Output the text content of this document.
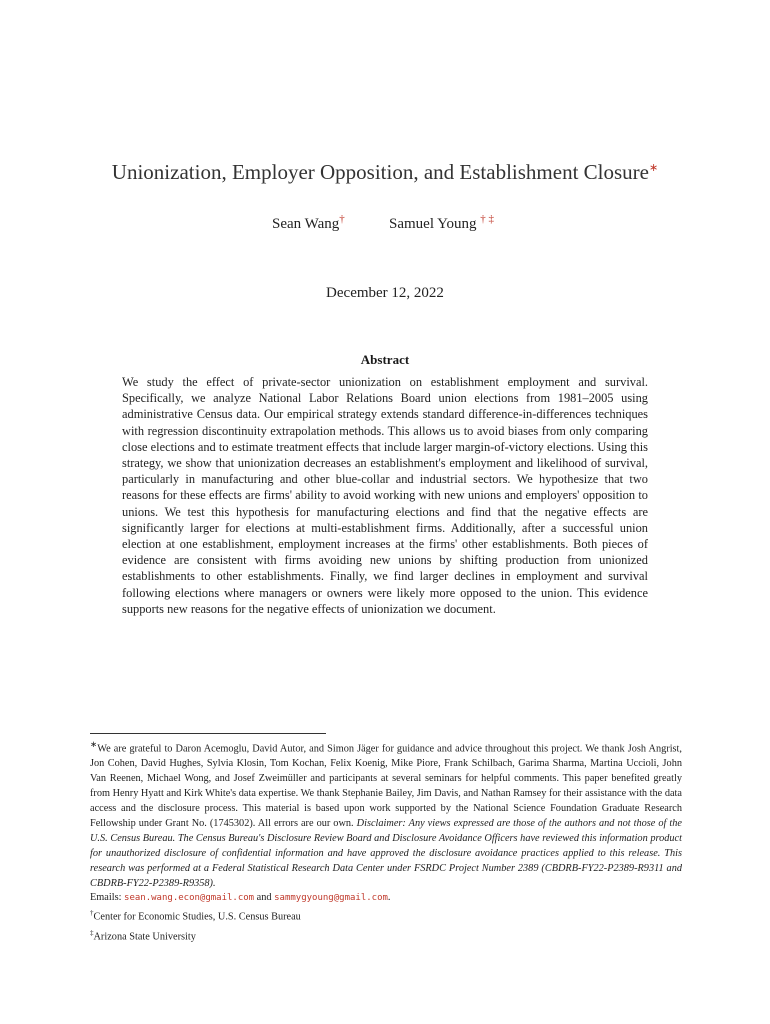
Unionization, Employer Opposition, and Establishment Closure∗
Sean Wang†	Samuel Young † ‡
December 12, 2022
Abstract

We study the effect of private-sector unionization on establishment employment and survival. Specifically, we analyze National Labor Relations Board union elections from 1981–2005 using administrative Census data. Our empirical strategy extends standard difference-in-differences techniques with regression discontinuity extrapolation methods. This allows us to avoid biases from only comparing close elections and to estimate treatment effects that include larger margin-of-victory elections. Using this strategy, we show that unionization decreases an establishment's employment and likelihood of survival, particularly in manufacturing and other blue-collar and industrial sectors. We hypothesize that two reasons for these effects are firms' ability to avoid working with new unions and employers' opposition to unions. We test this hypothesis for manufacturing elections and find that the negative effects are significantly larger for elections at multi-establishment firms. Additionally, after a successful union election at one establishment, employment increases at the firms' other establishments. Both pieces of evidence are consistent with firms avoiding new unions by shifting production from unionized establishments to other establishments. Finally, we find larger declines in employment and survival following elections where managers or owners were likely more opposed to the union. This evidence supports new reasons for the negative effects of unionization we document.

∗We are grateful to Daron Acemoglu, David Autor, and Simon Jäger for guidance and advice throughout this project. We thank Josh Angrist, Jon Cohen, David Hughes, Sylvia Klosin, Tom Kochan, Felix Koenig, Mike Piore, Frank Schilbach, Garima Sharma, Martina Uccioli, John Van Reenen, Michael Wong, and Josef Zweimüller and participants at several seminars for helpful comments. This paper benefited greatly from Henry Hyatt and Kirk White's data expertise. We thank Stephanie Bailey, Jim Davis, and Nathan Ramsey for their assistance with the data access and the disclosure process. This material is based upon work supported by the National Science Foundation Graduate Research Fellowship under Grant No. (1745302). All errors are our own. Disclaimer: Any views expressed are those of the authors and not those of the U.S. Census Bureau. The Census Bureau's Disclosure Review Board and Disclosure Avoidance Officers have reviewed this information product for unauthorized disclosure of confidential information and have approved the disclosure avoidance practices applied to this release. This research was performed at a Federal Statistical Research Data Center under FSRDC Project Number 2389 (CBDRB-FY22-P2389-R9311 and CBDRB-FY22-P2389-R9358).

Emails: sean.wang.econ@gmail.com and sammygyoung@gmail.com.

†Center for Economic Studies, U.S. Census Bureau

‡Arizona State University
